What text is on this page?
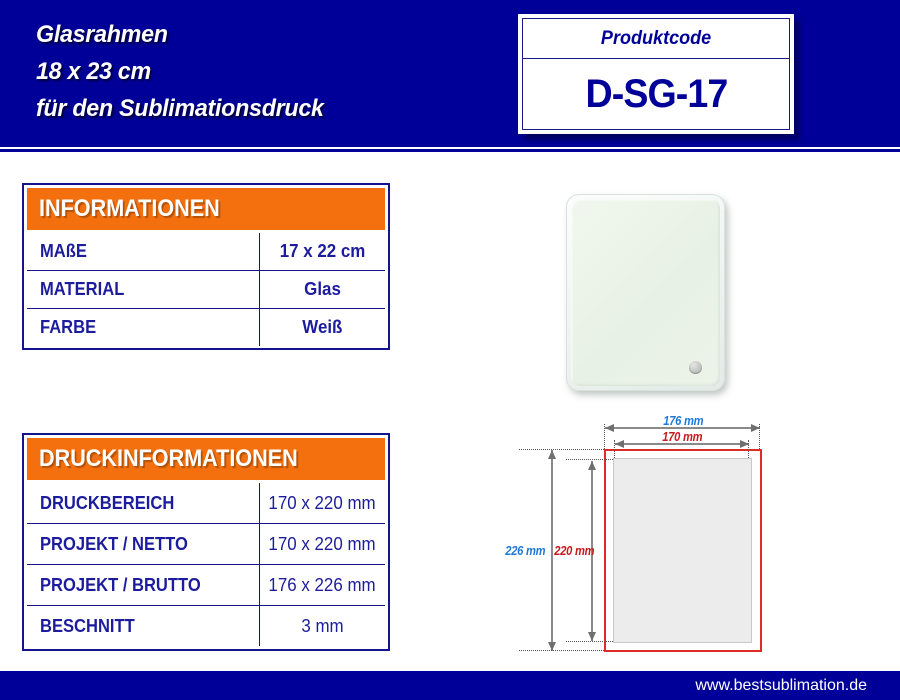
Glasrahmen

18 x 23 cm

für den Sublimationsdruck

Produktcode
D-SG-17
INFORMATIONEN
MAßE	17 x 22 cm
MATERIAL	Glas
FARBE	Weiß
DRUCKINFORMATIONEN
DRUCKBEREICH	170 x 220 mm
PROJEKT / NETTO	170 x 220 mm
PROJEKT / BRUTTO	176 x 226 mm
BESCHNITT	3 mm
176 mm
170 mm
226 mm 220 mm
www.bestsublimation.de
